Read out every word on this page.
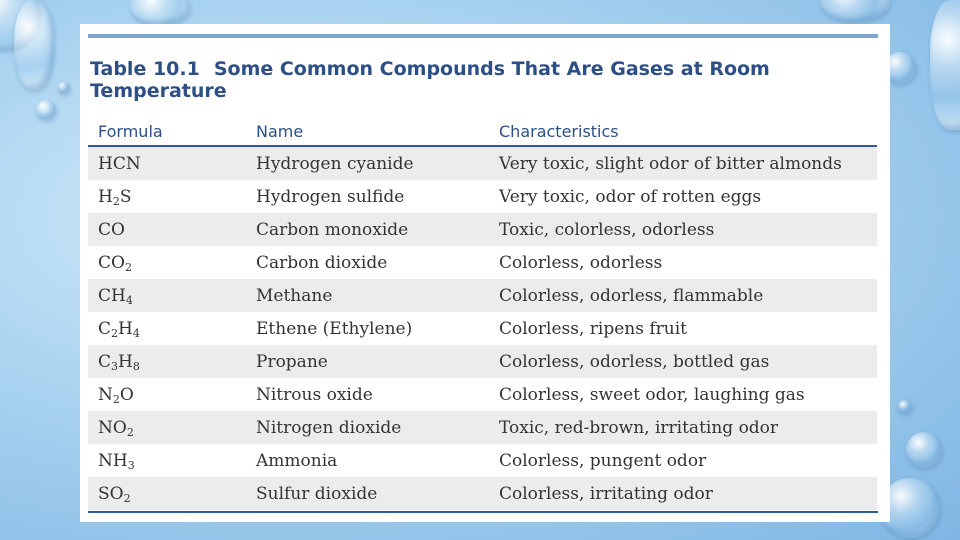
Table 10.1 Some Common Compounds That Are Gases at Room Temperature
Formula	Name	Characteristics
HCN	Hydrogen cyanide	Very toxic, slight odor of bitter almonds
$H_2S$	Hydrogen sulfide	Very toxic, odor of rotten eggs
CO	Carbon monoxide	Toxic, colorless, odorless
$CO_2$	Carbon dioxide	Colorless, odorless
$CH_4$	Methane	Colorless, odorless, flammable
$C_2H_4$	Ethene (Ethylene)	Colorless, ripens fruit
$C_3H_8$	Propane	Colorless, odorless, bottled gas
$N_2O$	Nitrous oxide	Colorless, sweet odor, laughing gas
$NO_2$	Nitrogen dioxide	Toxic, red-brown, irritating odor
$NH_3$	Ammonia	Colorless, pungent odor
$SO_2$	Sulfur dioxide	Colorless, irritating odor
